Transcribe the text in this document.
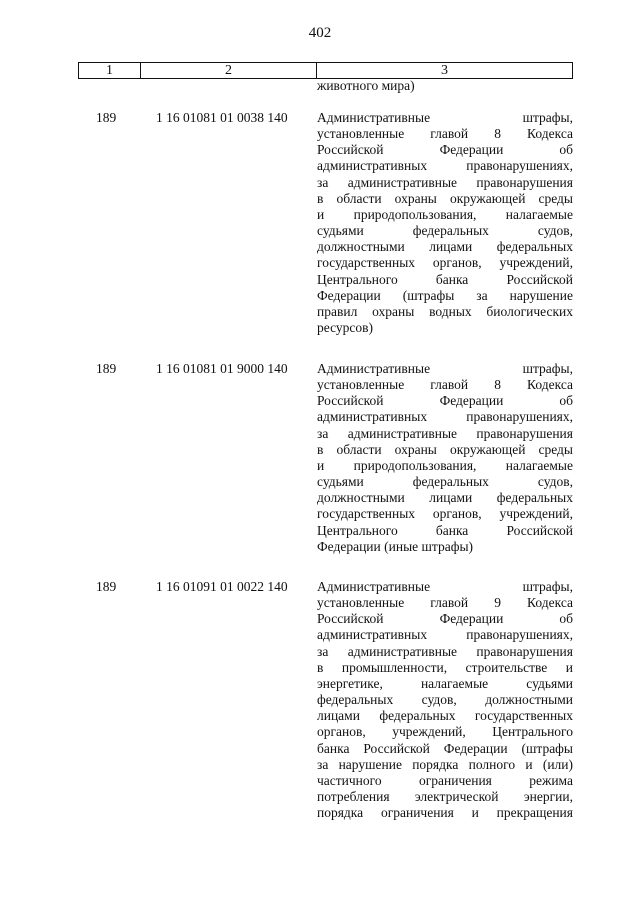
402
1	2	3
животного мира)
189	1 16 01081 01 0038 140	Административные штрафы,
установленные главой 8 Кодекса
Российской Федерации об
административных правонарушениях,
за административные правонарушения
в области охраны окружающей среды
и природопользования, налагаемые
судьями федеральных судов,
должностными лицами федеральных
государственных органов, учреждений,
Центрального банка Российской
Федерации (штрафы за нарушение
правил охраны водных биологических
ресурсов)
189	1 16 01081 01 9000 140	Административные штрафы,
установленные главой 8 Кодекса
Российской Федерации об
административных правонарушениях,
за административные правонарушения
в области охраны окружающей среды
и природопользования, налагаемые
судьями федеральных судов,
должностными лицами федеральных
государственных органов, учреждений,
Центрального банка Российской
Федерации (иные штрафы)
189	1 16 01091 01 0022 140	Административные штрафы,
установленные главой 9 Кодекса
Российской Федерации об
административных правонарушениях,
за административные правонарушения
в промышленности, строительстве и
энергетике, налагаемые судьями
федеральных судов, должностными
лицами федеральных государственных
органов, учреждений, Центрального
банка Российской Федерации (штрафы
за нарушение порядка полного и (или)
частичного ограничения режима
потребления электрической энергии,
порядка ограничения и прекращения
